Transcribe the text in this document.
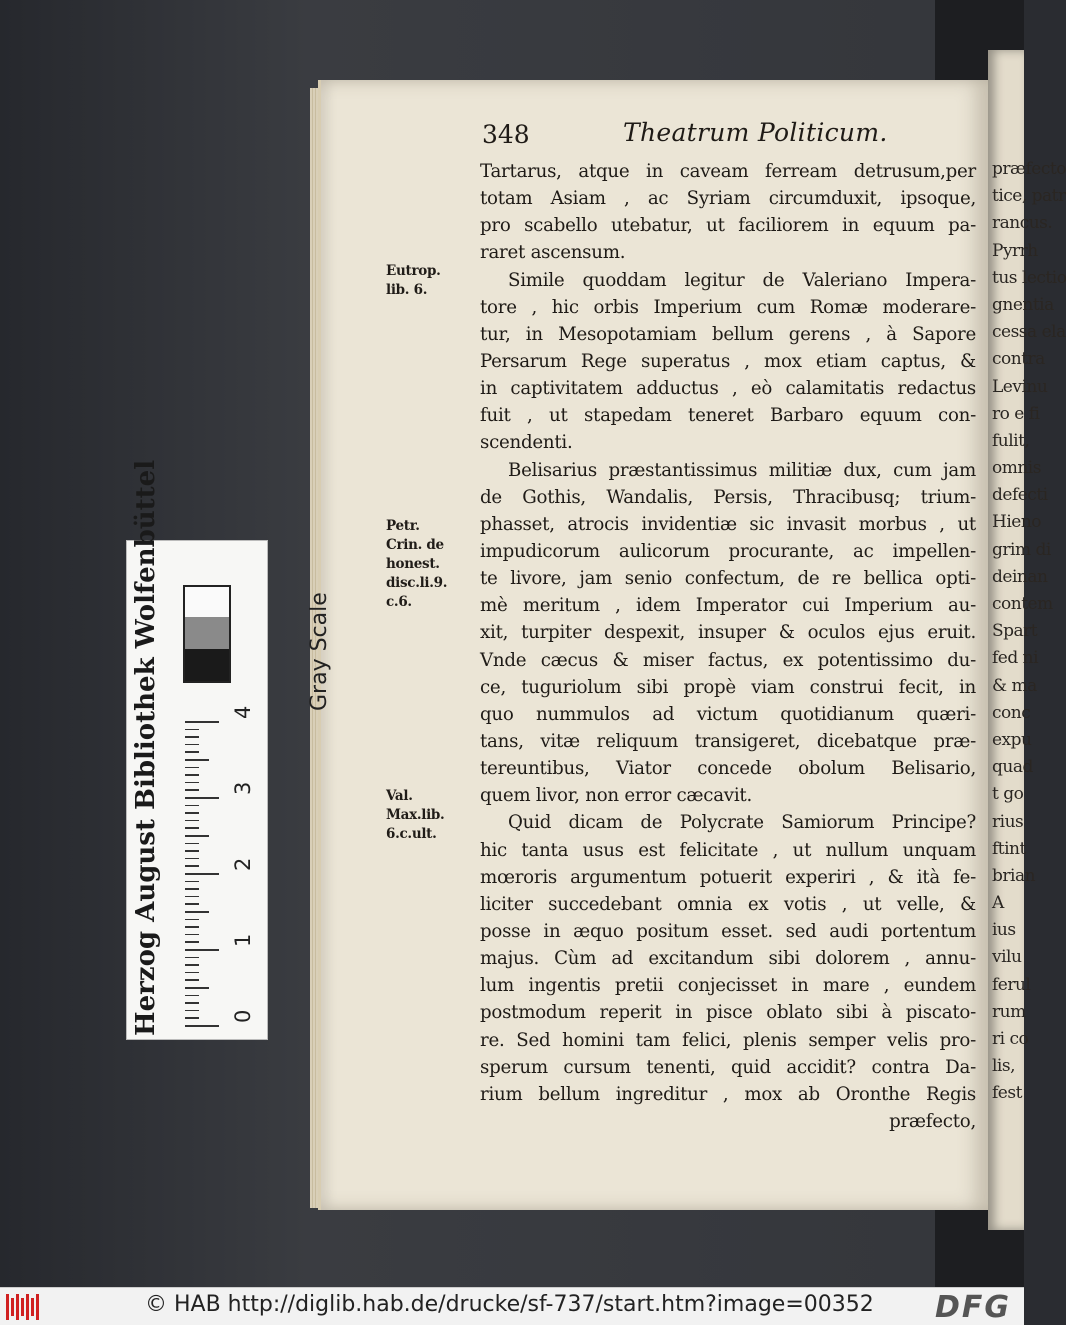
præfecto
tice, patr
rancus.
Pyrrh
tus lectio
gnentia
cessa ela
contra
Levinu
ro e fi
fulit,
omnis
defecti
Hieno
grim di
deinan
contem
Spart
fed ni
& ma
conc
expu
quad
t go
rius
ftint
brian
A
ius
vilu
ferul
rum
ri co
lis,
fest
348	Theatrum Politicum.
Tartarus, atque in caveam ferream detrusum,per
totam Asiam , ac Syriam circumduxit, ipsoque,
pro scabello utebatur, ut faciliorem in equum pa-
raret ascensum.
Simile quoddam legitur de Valeriano Impera-
tore , hic orbis Imperium cum Romæ moderare-
tur, in Mesopotamiam bellum gerens , à Sapore
Persarum Rege superatus , mox etiam captus, &
in captivitatem adductus , eò calamitatis redactus
fuit , ut stapedam teneret Barbaro equum con-
scendenti.
Belisarius præstantissimus militiæ dux, cum jam
de Gothis, Wandalis, Persis, Thracibusq; trium-
phasset, atrocis invidentiæ sic invasit morbus , ut
impudicorum aulicorum procurante, ac impellen-
te livore, jam senio confectum, de re bellica opti-
mè meritum , idem Imperator cui Imperium au-
xit, turpiter despexit, insuper & oculos ejus eruit.
Vnde cæcus & miser factus, ex potentissimo du-
ce, tuguriolum sibi propè viam construi fecit, in
quo nummulos ad victum quotidianum quæri-
tans, vitæ reliquum transigeret, dicebatque præ-
tereuntibus, Viator concede obolum Belisario,
quem livor, non error cæcavit.
Quid dicam de Polycrate Samiorum Principe?
hic tanta usus est felicitate , ut nullum unquam
mœroris argumentum potuerit experiri , & ità fe-
liciter succedebant omnia ex votis , ut velle, &
posse in æquo positum esset. sed audi portentum
majus. Cùm ad excitandum sibi dolorem , annu-
lum ingentis pretii conjecisset in mare , eundem
postmodum reperit in pisce oblato sibi à piscato-
re. Sed homini tam felici, plenis semper velis pro-
sperum cursum tenenti, quid accidit? contra Da-
rium bellum ingreditur , mox ab Oronthe Regis
præfecto,
Eutrop.
lib. 6.
Petr.
Crin. de
honest.
disc.li.9.
c.6.
Val.
Max.lib.
6.c.ult.
Herzog August Bibliothek Wolfenbüttel	Gray Scale
0
1
2
3
4
© HAB http://diglib.hab.de/drucke/sf-737/start.htm?image=00352 DFG
